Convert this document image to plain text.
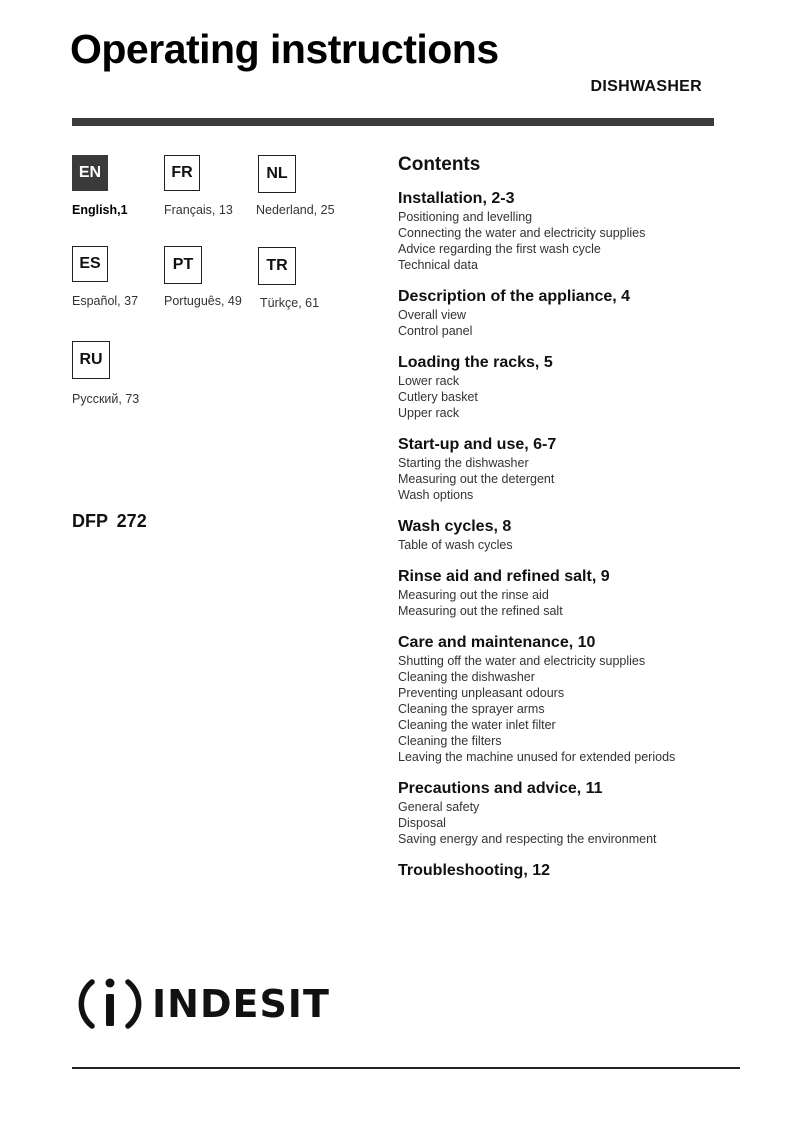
Operating instructions
DISHWASHER
EN
English,1
FR
Français, 13
NL
Nederland, 25
ES
Español, 37
PT
Português, 49
TR
Türkçe, 61
RU
Русский, 73
DFP 272
Contents
Installation, 2-3
Positioning and levelling
Connecting the water and electricity supplies
Advice regarding the first wash cycle
Technical data
Description of the appliance, 4
Overall view
Control panel
Loading the racks, 5
Lower rack
Cutlery basket
Upper rack
Start-up and use, 6-7
Starting the dishwasher
Measuring out the detergent
Wash options
Wash cycles, 8
Table of wash cycles
Rinse aid and refined salt, 9
Measuring out the rinse aid
Measuring out the refined salt
Care and maintenance, 10
Shutting off the water and electricity supplies
Cleaning the dishwasher
Preventing unpleasant odours
Cleaning the sprayer arms
Cleaning the water inlet filter
Cleaning the filters
Leaving the machine unused for extended periods
Precautions and advice, 11
General safety
Disposal
Saving energy and respecting the environment
Troubleshooting, 12
INDESIT
